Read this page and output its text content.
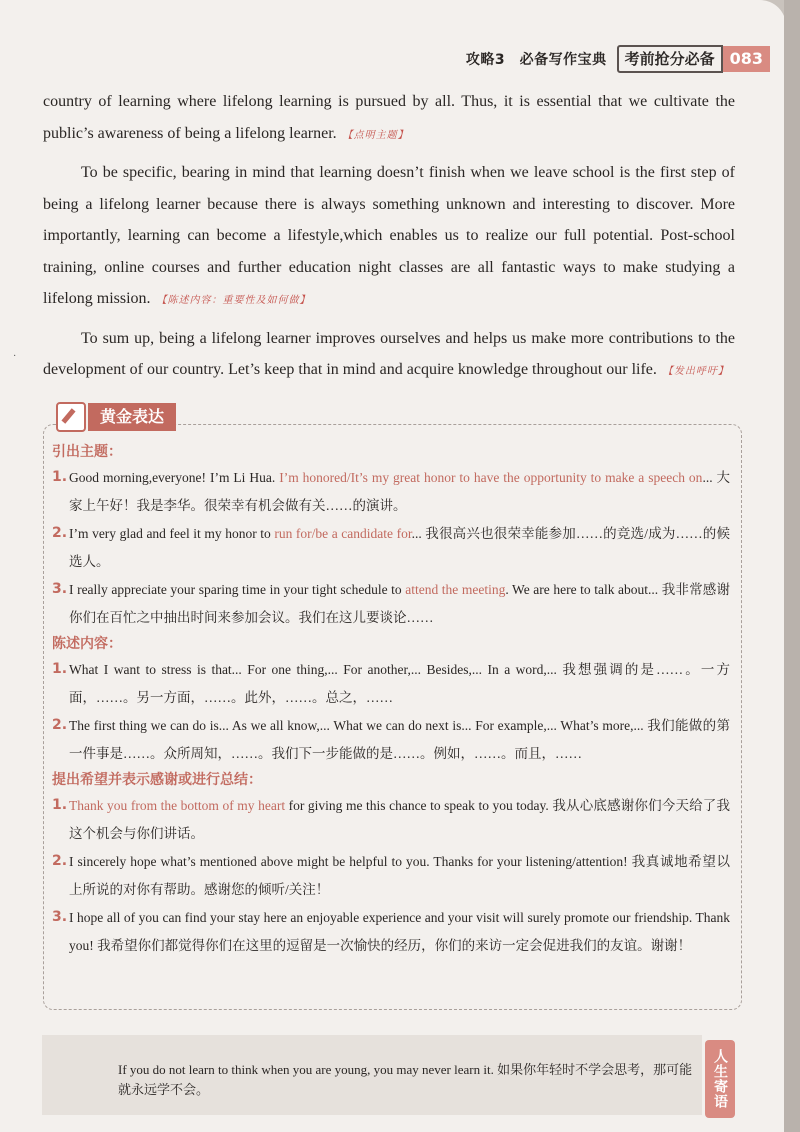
攻略3　必备写作宝典	考前抢分必备 083
·

country of learning where lifelong learning is pursued by all. Thus, it is essential that we cultivate the public’s awareness of being a lifelong learner. 【点明主题】

To be specific, bearing in mind that learning doesn’t finish when we leave school is the first step of being a lifelong learner because there is always something unknown and interesting to discover. More importantly, learning can become a lifestyle,which enables us to realize our full potential. Post-school training, online courses and further education night classes are all fantastic ways to make studying a lifelong mission. 【陈述内容：重要性及如何做】

To sum up, being a lifelong learner improves ourselves and helps us make more contributions to the development of our country. Let’s keep that in mind and acquire knowledge throughout our life. 【发出呼吁】

黄金表达
引出主题：
1. Good morning,everyone! I’m Li Hua. I’m honored/It’s my great honor to have the opportunity to make a speech on... 大家上午好！我是李华。很荣幸有机会做有关……的演讲。
2. I’m very glad and feel it my honor to run for/be a candidate for... 我很高兴也很荣幸能参加……的竞选/成为……的候选人。
3. I really appreciate your sparing time in your tight schedule to attend the meeting. We are here to talk about... 我非常感谢你们在百忙之中抽出时间来参加会议。我们在这儿要谈论……
陈述内容：
1. What I want to stress is that... For one thing,... For another,... Besides,... In a word,... 我想强调的是……。一方面，……。另一方面，……。此外，……。总之，……
2. The first thing we can do is... As we all know,... What we can do next is... For example,... What’s more,... 我们能做的第一件事是……。众所周知，……。我们下一步能做的是……。例如，……。而且，……
提出希望并表示感谢或进行总结：
1. Thank you from the bottom of my heart for giving me this chance to speak to you today. 我从心底感谢你们今天给了我这个机会与你们讲话。
2. I sincerely hope what’s mentioned above might be helpful to you. Thanks for your listening/attention! 我真诚地希望以上所说的对你有帮助。感谢您的倾听/关注！
3. I hope all of you can find your stay here an enjoyable experience and your visit will surely promote our friendship. Thank you! 我希望你们都觉得你们在这里的逗留是一次愉快的经历，你们的来访一定会促进我们的友谊。谢谢！
If you do not learn to think when you are young, you may never learn it. 如果你年轻时不学会思考，那可能就永远学不会。	人生寄语
